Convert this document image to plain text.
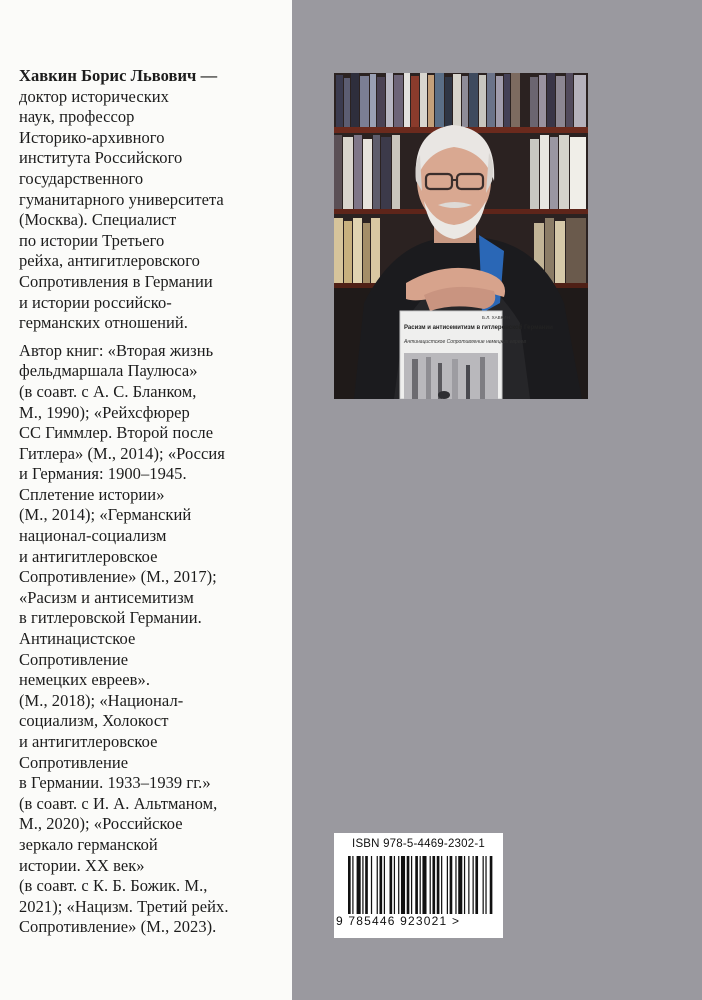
Хавкин Борис Львович —
доктор исторических
наук, профессор
Историко-архивного
института Российского
государственного
гуманитарного университета
(Москва). Специалист
по истории Третьего
рейха, антигитлеровского
Сопротивления в Германии
и истории российско-
германских отношений.

Автор книг: «Вторая жизнь
фельдмаршала Паулюса»
(в соавт. с А. С. Бланком,
М., 1990); «Рейхсфюрер
СС Гиммлер. Второй после
Гитлера» (М., 2014); «Россия
и Германия: 1900–1945.
Сплетение истории»
(М., 2014); «Германский
национал-социализм
и антигитлеровское
Сопротивление» (М., 2017);
«Расизм и антисемитизм
в гитлеровской Германии.
Антинацистское
Сопротивление
немецких евреев».
(М., 2018); «Национал-
социализм, Холокост
и антигитлеровское
Сопротивление
в Германии. 1933–1939 гг.»
(в соавт. с И. А. Альтманом,
М., 2020); «Российское
зеркало германской
истории. XX век»
(в соавт. с К. Б. Божик. М.,
2021); «Нацизм. Третий рейх.
Сопротивление» (М., 2023).

Б.Л. ХАВКИН
Расизм и антисемитизм в гитлеровской Германии
Антинацистское Сопротивление немецких евреев
ISBN 978-5-4469-2302-1
9 785446 923021 >
